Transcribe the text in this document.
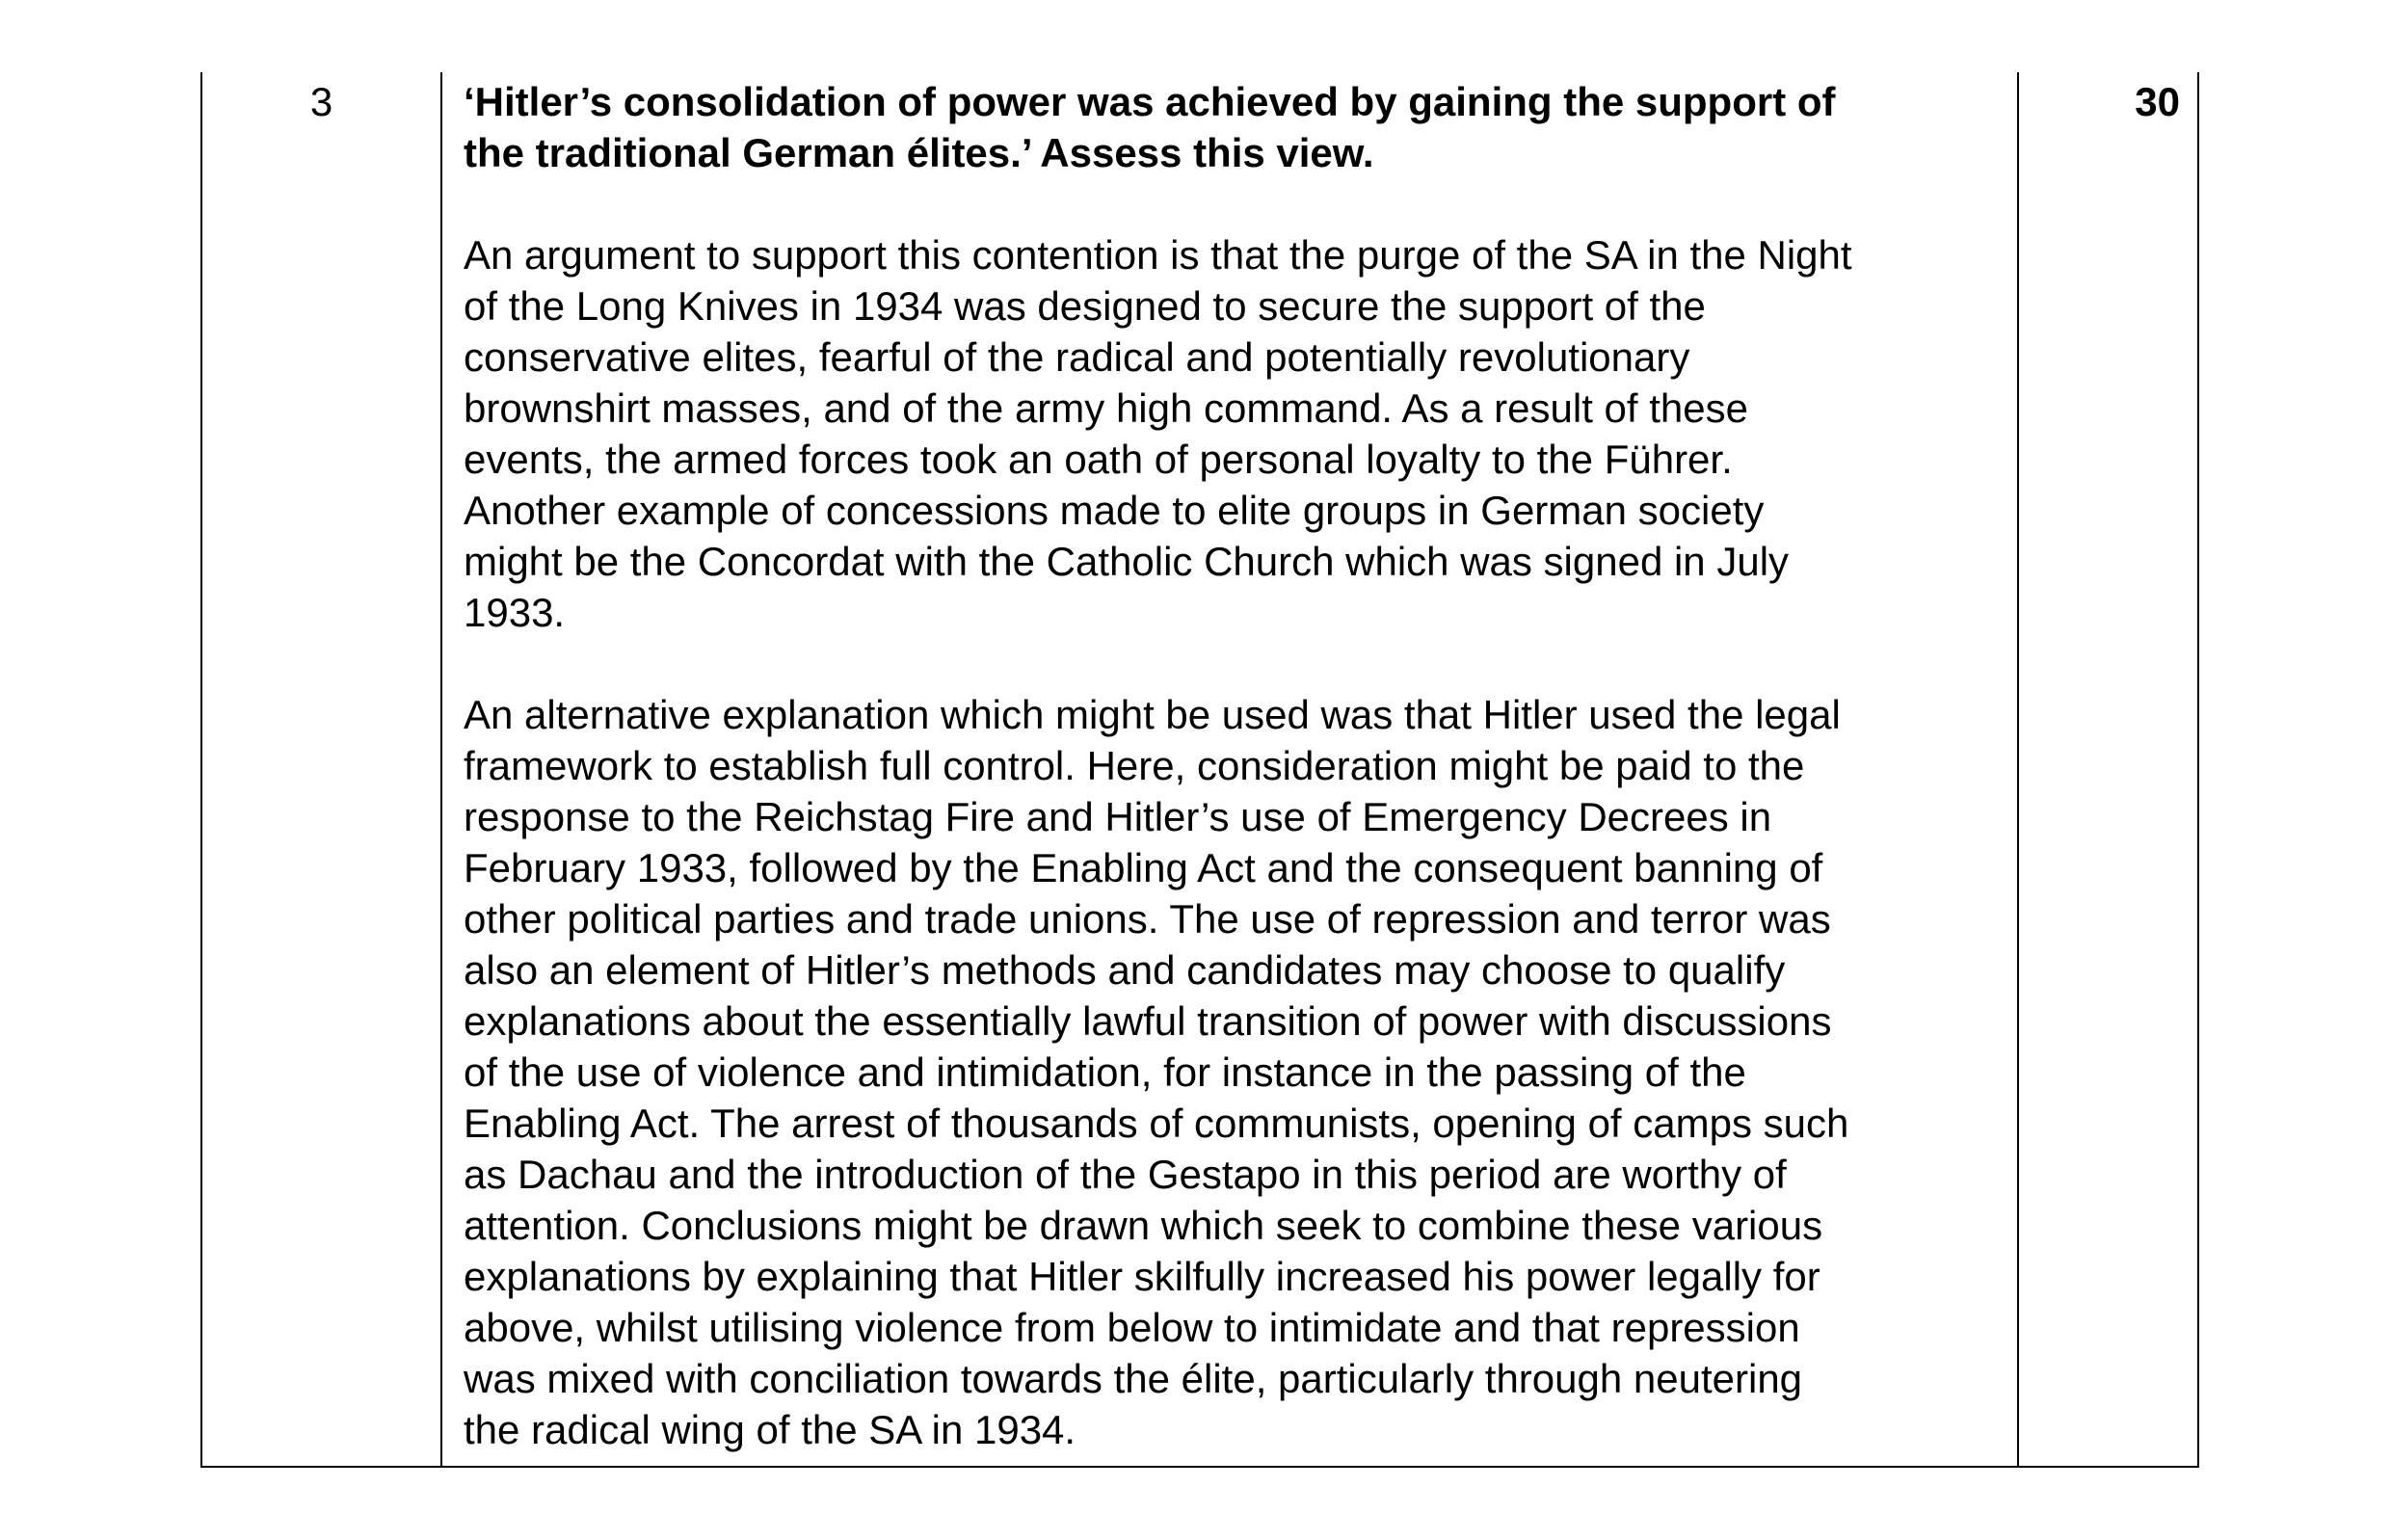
3	‘Hitler’s consolidation of power was achieved by gaining the support of
the traditional German élites.’ Assess this view.
An argument to support this contention is that the purge of the SA in the Night
of the Long Knives in 1934 was designed to secure the support of the
conservative elites, fearful of the radical and potentially revolutionary
brownshirt masses, and of the army high command. As a result of these
events, the armed forces took an oath of personal loyalty to the Führer.
Another example of concessions made to elite groups in German society
might be the Concordat with the Catholic Church which was signed in July
1933.
An alternative explanation which might be used was that Hitler used the legal
framework to establish full control. Here, consideration might be paid to the
response to the Reichstag Fire and Hitler’s use of Emergency Decrees in
February 1933, followed by the Enabling Act and the consequent banning of
other political parties and trade unions. The use of repression and terror was
also an element of Hitler’s methods and candidates may choose to qualify
explanations about the essentially lawful transition of power with discussions
of the use of violence and intimidation, for instance in the passing of the
Enabling Act. The arrest of thousands of communists, opening of camps such
as Dachau and the introduction of the Gestapo in this period are worthy of
attention. Conclusions might be drawn which seek to combine these various
explanations by explaining that Hitler skilfully increased his power legally for
above, whilst utilising violence from below to intimidate and that repression
was mixed with conciliation towards the élite, particularly through neutering
the radical wing of the SA in 1934.
30
